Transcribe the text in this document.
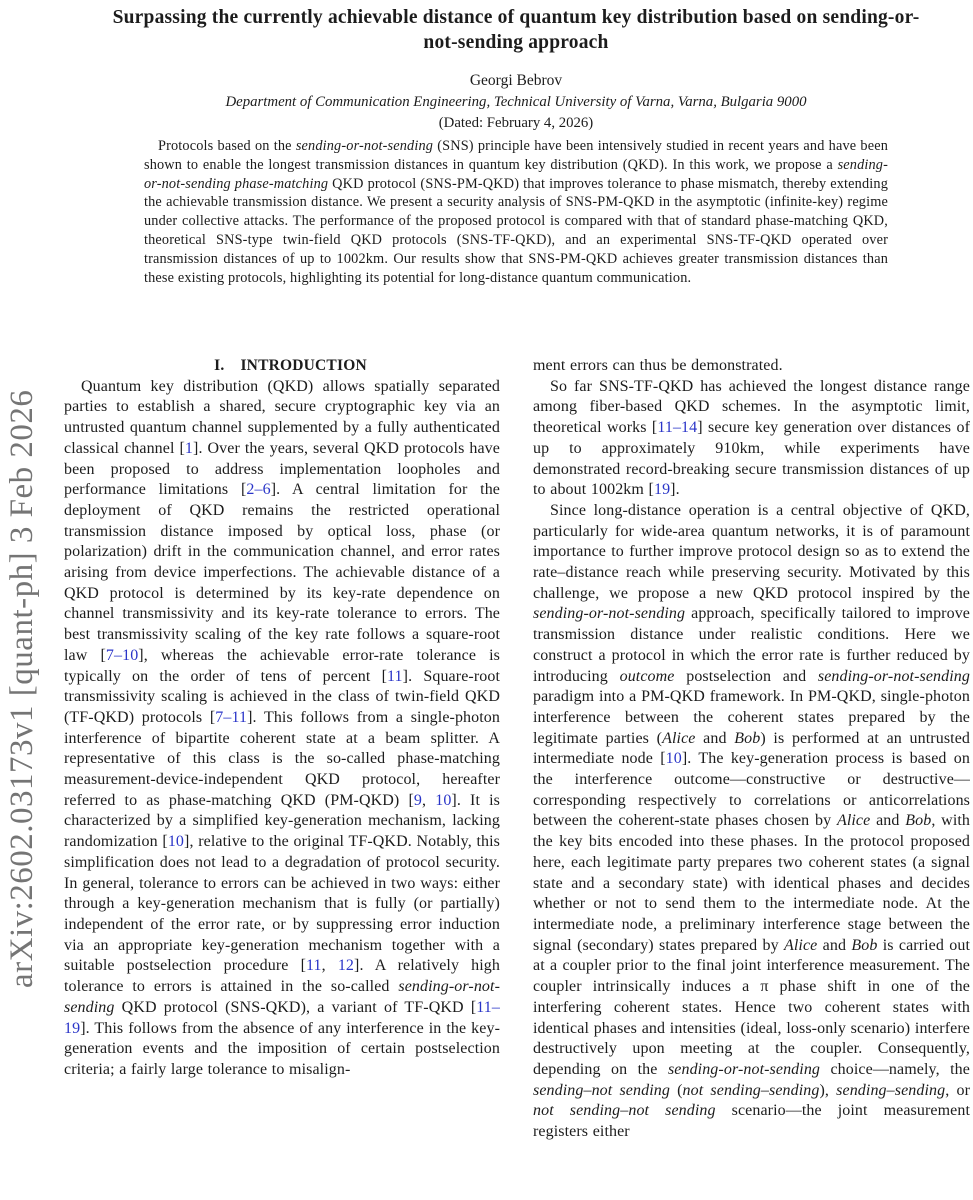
arXiv:2602.03173v1 [quant-ph] 3 Feb 2026
Surpassing the currently achievable distance of quantum key distribution based on sending-or-not-sending approach
Georgi Bebrov
Department of Communication Engineering, Technical University of Varna, Varna, Bulgaria 9000
(Dated: February 4, 2026)
Protocols based on the sending-or-not-sending (SNS) principle have been intensively studied in recent years and have been shown to enable the longest transmission distances in quantum key distribution (QKD). In this work, we propose a sending-or-not-sending phase-matching QKD protocol (SNS-PM-QKD) that improves tolerance to phase mismatch, thereby extending the achievable transmission distance. We present a security analysis of SNS-PM-QKD in the asymptotic (infinite-key) regime under collective attacks. The performance of the proposed protocol is compared with that of standard phase-matching QKD, theoretical SNS-type twin-field QKD protocols (SNS-TF-QKD), and an experimental SNS-TF-QKD operated over transmission distances of up to 1002km. Our results show that SNS-PM-QKD achieves greater transmission distances than these existing protocols, highlighting its potential for long-distance quantum communication.

I. INTRODUCTION

Quantum key distribution (QKD) allows spatially separated parties to establish a shared, secure cryptographic key via an untrusted quantum channel supplemented by a fully authenticated classical channel [1]. Over the years, several QKD protocols have been proposed to address implementation loopholes and performance limitations [2–6]. A central limitation for the deployment of QKD remains the restricted operational transmission distance imposed by optical loss, phase (or polarization) drift in the communication channel, and error rates arising from device imperfections. The achievable distance of a QKD protocol is determined by its key-rate dependence on channel transmissivity and its key-rate tolerance to errors. The best transmissivity scaling of the key rate follows a square-root law [7–10], whereas the achievable error-rate tolerance is typically on the order of tens of percent [11]. Square-root transmissivity scaling is achieved in the class of twin-field QKD (TF-QKD) protocols [7–11]. This follows from a single-photon interference of bipartite coherent state at a beam splitter. A representative of this class is the so-called phase-matching measurement-device-independent QKD protocol, hereafter referred to as phase-matching QKD (PM-QKD) [9, 10]. It is characterized by a simplified key-generation mechanism, lacking randomization [10], relative to the original TF-QKD. Notably, this simplification does not lead to a degradation of protocol security. In general, tolerance to errors can be achieved in two ways: either through a key-generation mechanism that is fully (or partially) independent of the error rate, or by suppressing error induction via an appropriate key-generation mechanism together with a suitable postselection procedure [11, 12]. A relatively high tolerance to errors is attained in the so-called sending-or-not-sending QKD protocol (SNS-QKD), a variant of TF-QKD [11–19]. This follows from the absence of any interference in the key-generation events and the imposition of certain postselection criteria; a fairly large tolerance to misalign-

ment errors can thus be demonstrated.

So far SNS-TF-QKD has achieved the longest distance range among fiber-based QKD schemes. In the asymptotic limit, theoretical works [11–14] secure key generation over distances of up to approximately 910km, while experiments have demonstrated record-breaking secure transmission distances of up to about 1002km [19].

Since long-distance operation is a central objective of QKD, particularly for wide-area quantum networks, it is of paramount importance to further improve protocol design so as to extend the rate–distance reach while preserving security. Motivated by this challenge, we propose a new QKD protocol inspired by the sending-or-not-sending approach, specifically tailored to improve transmission distance under realistic conditions. Here we construct a protocol in which the error rate is further reduced by introducing outcome postselection and sending-or-not-sending paradigm into a PM-QKD framework. In PM-QKD, single-photon interference between the coherent states prepared by the legitimate parties (Alice and Bob) is performed at an untrusted intermediate node [10]. The key-generation process is based on the interference outcome—constructive or destructive—corresponding respectively to correlations or anticorrelations between the coherent-state phases chosen by Alice and Bob, with the key bits encoded into these phases. In the protocol proposed here, each legitimate party prepares two coherent states (a signal state and a secondary state) with identical phases and decides whether or not to send them to the intermediate node. At the intermediate node, a preliminary interference stage between the signal (secondary) states prepared by Alice and Bob is carried out at a coupler prior to the final joint interference measurement. The coupler intrinsically induces a π phase shift in one of the interfering coherent states. Hence two coherent states with identical phases and intensities (ideal, loss-only scenario) interfere destructively upon meeting at the coupler. Consequently, depending on the sending-or-not-sending choice—namely, the sending–not sending (not sending–sending), sending–sending, or not sending–not sending scenario—the joint measurement registers either
